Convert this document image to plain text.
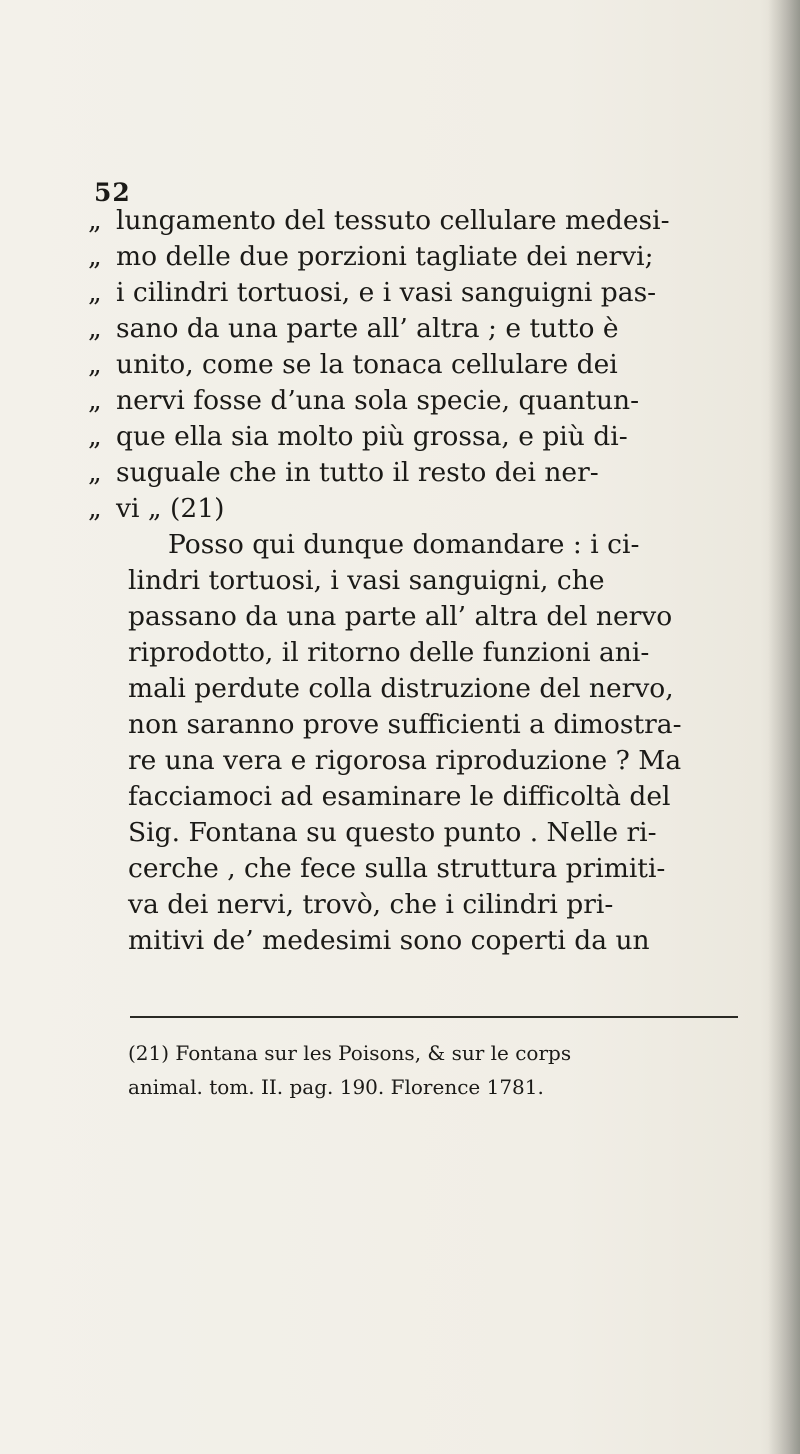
52
„ lungamento del tessuto cellulare medesi-
„ mo delle due porzioni tagliate dei nervi;
„ i cilindri tortuosi, e i vasi sanguigni pas-
„ sano da una parte all’ altra ; e tutto è
„ unito, come se la tonaca cellulare dei
„ nervi fosse d’una sola specie, quantun-
„ que ella sia molto più grossa, e più di-
„ suguale che in tutto il resto dei ner-
„ vi „ (21)
Posso qui dunque domandare : i ci-
lindri tortuosi, i vasi sanguigni, che
passano da una parte all’ altra del nervo
riprodotto, il ritorno delle funzioni ani-
mali perdute colla distruzione del nervo,
non saranno prove sufficienti a dimostra-
re una vera e rigorosa riproduzione ? Ma
facciamoci ad esaminare le difficoltà del
Sig. Fontana su questo punto . Nelle ri-
cerche , che fece sulla struttura primiti-
va dei nervi, trovò, che i cilindri pri-
mitivi de’ medesimi sono coperti da un
(21) Fontana sur les Poisons, & sur le corps
animal. tom. II. pag. 190. Florence 1781.
